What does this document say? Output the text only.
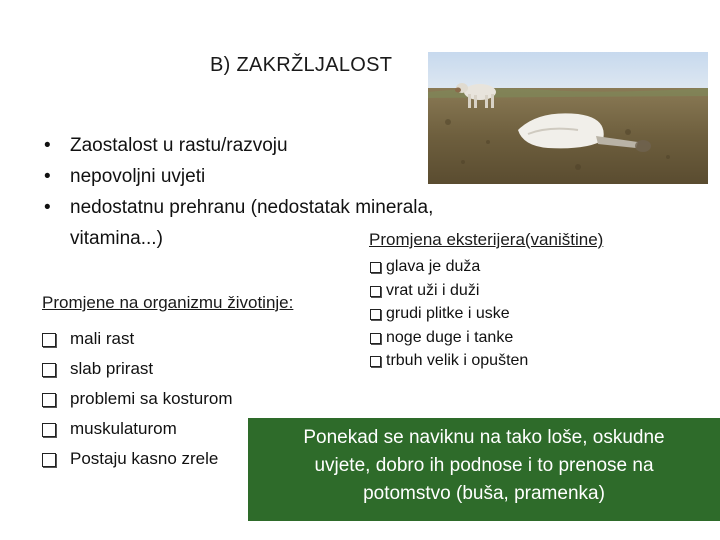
B) ZAKRŽLJALOST
•	Zaostalost u rastu/razvoju
•	nepovoljni uvjeti
•	nedostatnu prehranu (nedostatak minerala,
vitamina...)	Promjena eksterijera(vaništine)
glava je duža
vrat uži i duži
grudi plitke i uske
noge duge i tanke
trbuh velik i opušten
Promjene na organizmu životinje:
mali rast
slab prirast
problemi sa kosturom
muskulaturom
Postaju kasno zrele
Ponekad se naviknu na tako loše, oskudne
uvjete, dobro ih podnose i to prenose na
potomstvo (buša, pramenka)
